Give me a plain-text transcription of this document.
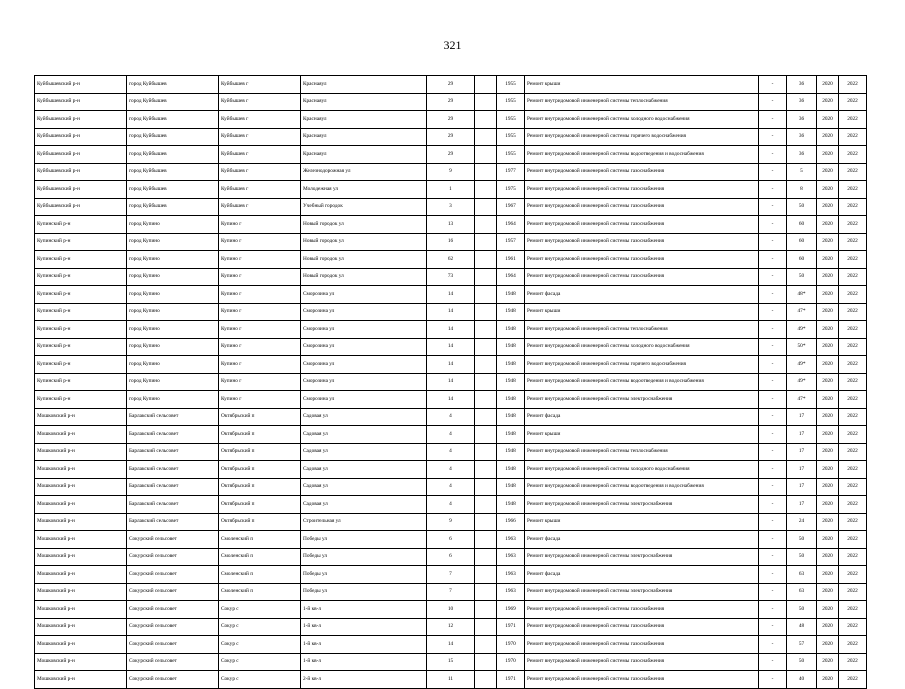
321
Куйбышевский р-н	город Куйбышев	Куйбышев г	Краснаяул	29		1955	Ремонт крыши	-	36	2020	2022
Куйбышевский р-н	город Куйбышев	Куйбышев г	Краснаяул	29		1955	Ремонт внутридомовой инженерной системы теплоснабжения	-	36	2020	2022
Куйбышевский р-н	город Куйбышев	Куйбышев г	Краснаяул	29		1955	Ремонт внутридомовой инженерной системы холодного водоснабжения	-	36	2020	2022
Куйбышевский р-н	город Куйбышев	Куйбышев г	Краснаяул	29		1955	Ремонт внутридомовой инженерной системы горячего водоснабжения	-	36	2020	2022
Куйбышевский р-н	город Куйбышев	Куйбышев г	Краснаяул	29		1955	Ремонт внутридомовой инженерной системы водоотведения и водоснабжения	-	36	2020	2022
Куйбышевский р-н	город Куйбышев	Куйбышев г	Железнодорожная ул	9		1977	Ремонт внутридомовой инженерной системы газоснабжения	-	5	2020	2022
Куйбышевский р-н	город Куйбышев	Куйбышев г	Молодежная ул	1		1975	Ремонт внутридомовой инженерной системы газоснабжения	-	8	2020	2022
Куйбышевский р-н	город Куйбышев	Куйбышев г	Учебный городок	3		1967	Ремонт внутридомовой инженерной системы газоснабжения	-	50	2020	2022
Купинский р-н	город Купино	Купино г	Новый городок ул	13		1964	Ремонт внутридомовой инженерной системы газоснабжения	-	60	2020	2022
Купинский р-н	город Купино	Купино г	Новый городок ул	16		1957	Ремонт внутридомовой инженерной системы газоснабжения	-	60	2020	2022
Купинский р-н	город Купино	Купино г	Новый городок ул	62		1961	Ремонт внутридомовой инженерной системы газоснабжения	-	60	2020	2022
Купинский р-н	город Купино	Купино г	Новый городок ул	73		1964	Ремонт внутридомовой инженерной системы газоснабжения	-	50	2020	2022
Купинский р-н	город Купино	Купино г	Сморозина ул	14		1948	Ремонт фасада	-	48*	2020	2022
Купинский р-н	город Купино	Купино г	Сморозина ул	14		1948	Ремонт крыши	-	47*	2020	2022
Купинский р-н	город Купино	Купино г	Сморозина ул	14		1948	Ремонт внутридомовой инженерной системы теплоснабжения	-	49*	2020	2022
Купинский р-н	город Купино	Купино г	Сморозина ул	14		1948	Ремонт внутридомовой инженерной системы холодного водоснабжения	-	50*	2020	2022
Купинский р-н	город Купино	Купино г	Сморозина ул	14		1948	Ремонт внутридомовой инженерной системы горячего водоснабжения	-	49*	2020	2022
Купинский р-н	город Купино	Купино г	Сморозина ул	14		1948	Ремонт внутридомовой инженерной системы водоотведения и водоснабжения	-	49*	2020	2022
Купинский р-н	город Купино	Купино г	Сморозина ул	14		1948	Ремонт внутридомовой инженерной системы электроснабжения	-	47*	2020	2022
Мошковский р-н	Барлакский сельсовет	Октябрьский п	Садовая ул	4		1948	Ремонт фасада	-	17	2020	2022
Мошковский р-н	Барлакский сельсовет	Октябрьский п	Садовая ул	4		1948	Ремонт крыши	-	17	2020	2022
Мошковский р-н	Барлакский сельсовет	Октябрьский п	Садовая ул	4		1948	Ремонт внутридомовой инженерной системы теплоснабжения	-	17	2020	2022
Мошковский р-н	Барлакский сельсовет	Октябрьский п	Садовая ул	4		1948	Ремонт внутридомовой инженерной системы холодного водоснабжения	-	17	2020	2022
Мошковский р-н	Барлакский сельсовет	Октябрьский п	Садовая ул	4		1948	Ремонт внутридомовой инженерной системы водоотведения и водоснабжения	-	17	2020	2022
Мошковский р-н	Барлакский сельсовет	Октябрьский п	Садовая ул	4		1948	Ремонт внутридомовой инженерной системы электроснабжения	-	17	2020	2022
Мошковский р-н	Барлакский сельсовет	Октябрьский п	Строительная ул	9		1966	Ремонт крыши	-	24	2020	2022
Мошковский р-н	Сокурский сельсовет	Смоленский п	Победы ул	6		1963	Ремонт фасада	-	50	2020	2022
Мошковский р-н	Сокурский сельсовет	Смоленский п	Победы ул	6		1963	Ремонт внутридомовой инженерной системы электроснабжения	-	50	2020	2022
Мошковский р-н	Сокурский сельсовет	Смоленский п	Победы ул	7		1963	Ремонт фасада	-	63	2020	2022
Мошковский р-н	Сокурский сельсовет	Смоленский п	Победы ул	7		1963	Ремонт внутридомовой инженерной системы электроснабжения	-	63	2020	2022
Мошковский р-н	Сокурский сельсовет	Сокур с	1-й кв-л	10		1969	Ремонт внутридомовой инженерной системы газоснабжения	-	50	2020	2022
Мошковский р-н	Сокурский сельсовет	Сокур с	1-й кв-л	12		1971	Ремонт внутридомовой инженерной системы газоснабжения	-	48	2020	2022
Мошковский р-н	Сокурский сельсовет	Сокур с	1-й кв-л	14		1970	Ремонт внутридомовой инженерной системы газоснабжения	-	57	2020	2022
Мошковский р-н	Сокурский сельсовет	Сокур с	1-й кв-л	15		1970	Ремонт внутридомовой инженерной системы газоснабжения	-	50	2020	2022
Мошковский р-н	Сокурский сельсовет	Сокур с	2-й кв-л	11		1971	Ремонт внутридомовой инженерной системы газоснабжения	-	40	2020	2022
